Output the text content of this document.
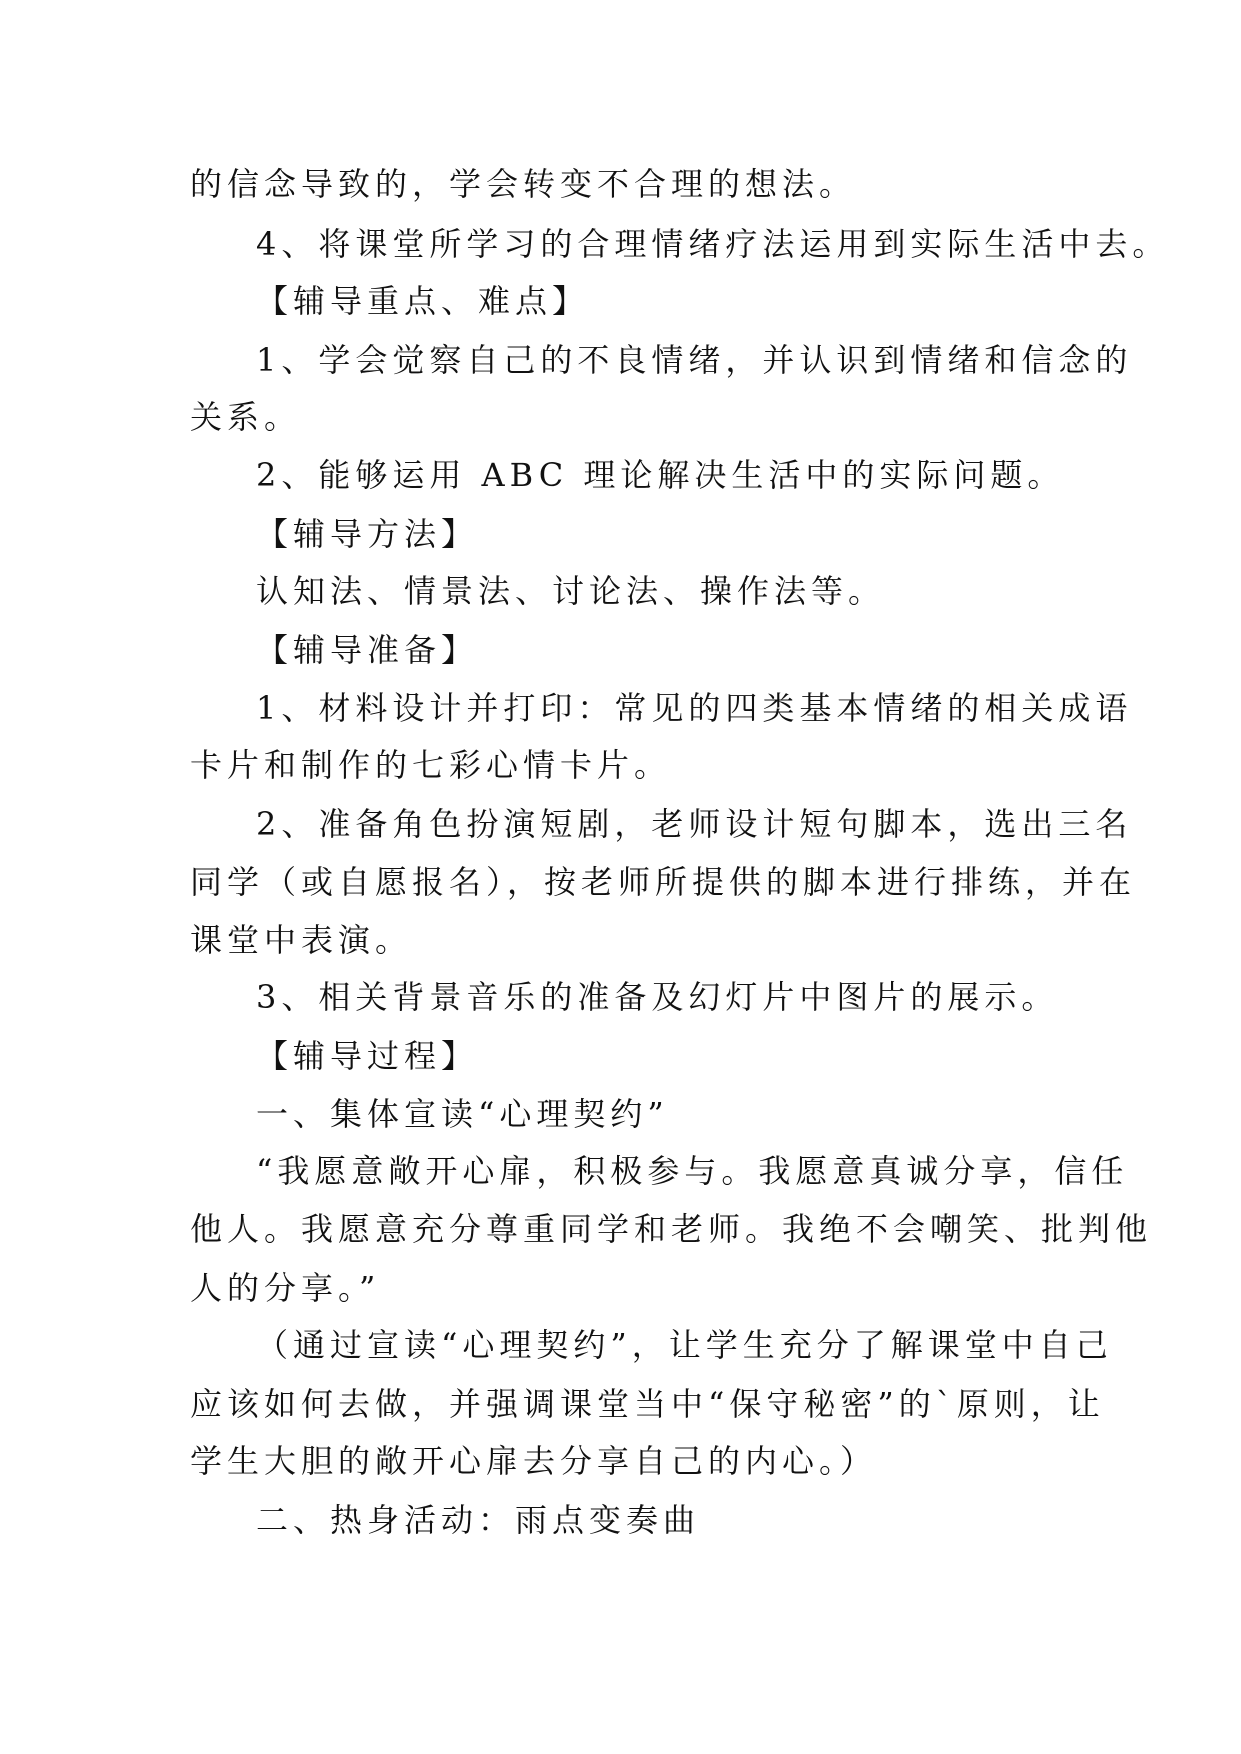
的信念导致的，学会转变不合理的想法。
4、将课堂所学习的合理情绪疗法运用到实际生活中去。
【辅导重点、难点】
1、学会觉察自己的不良情绪，并认识到情绪和信念的
关系。
2、能够运用 ABC 理论解决生活中的实际问题。
【辅导方法】
认知法、情景法、讨论法、操作法等。
【辅导准备】
1、材料设计并打印：常见的四类基本情绪的相关成语
卡片和制作的七彩心情卡片。
2、准备角色扮演短剧，老师设计短句脚本，选出三名
同学（或自愿报名），按老师所提供的脚本进行排练，并在
课堂中表演。
3、相关背景音乐的准备及幻灯片中图片的展示。
【辅导过程】
一、集体宣读“心理契约”
“我愿意敞开心扉，积极参与。我愿意真诚分享，信任
他人。我愿意充分尊重同学和老师。我绝不会嘲笑、批判他
人的分享。”
（通过宣读“心理契约”，让学生充分了解课堂中自己
应该如何去做，并强调课堂当中“保守秘密”的`原则，让
学生大胆的敞开心扉去分享自己的内心。）
二、热身活动：雨点变奏曲
